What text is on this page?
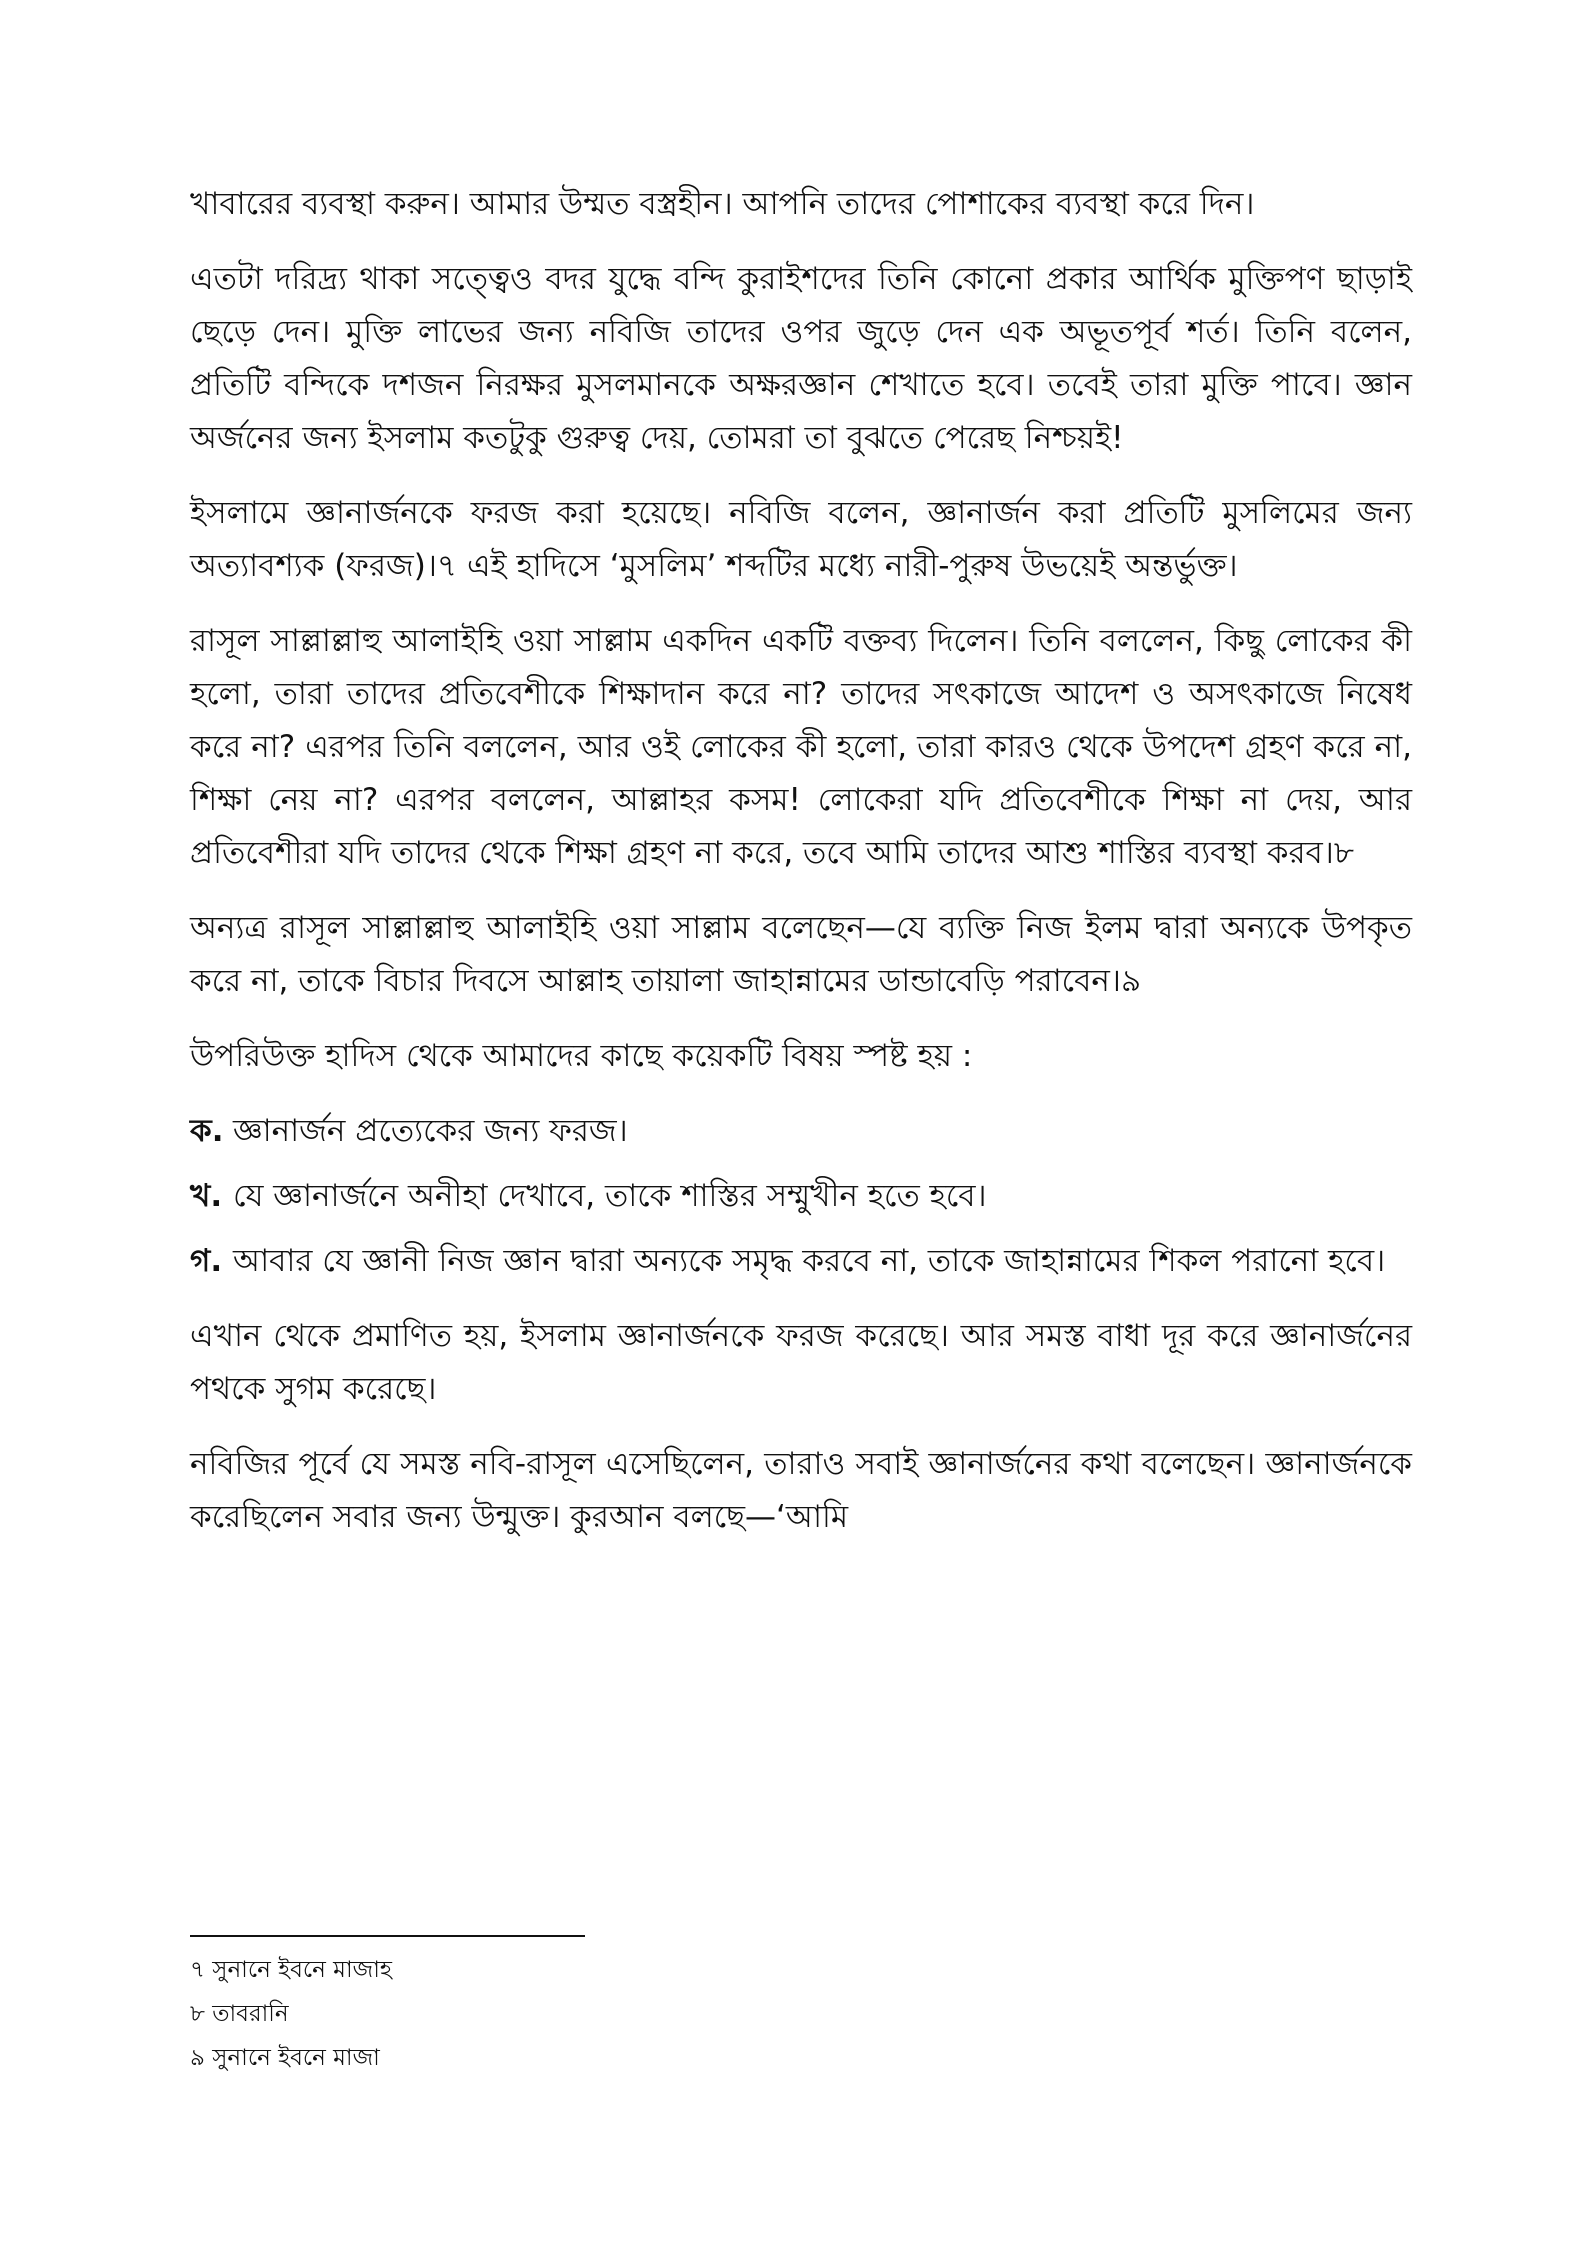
খাবারের ব্যবস্থা করুন। আমার উম্মত বস্ত্রহীন। আপনি তাদের পোশাকের ব্যবস্থা করে দিন।

এতটা দরিদ্র্য থাকা সত্ত্বেও বদর যুদ্ধে বন্দি কুরাইশদের তিনি কোনো প্রকার আর্থিক মুক্তিপণ ছাড়াই ছেড়ে দেন। মুক্তি লাভের জন্য নবিজি তাদের ওপর জুড়ে দেন এক অভূতপূর্ব শর্ত। তিনি বলেন, প্রতিটি বন্দিকে দশজন নিরক্ষর মুসলমানকে অক্ষরজ্ঞান শেখাতে হবে। তবেই তারা মুক্তি পাবে। জ্ঞান অর্জনের জন্য ইসলাম কতটুকু গুরুত্ব দেয়, তোমরা তা বুঝতে পেরেছ নিশ্চয়ই!

ইসলামে জ্ঞানার্জনকে ফরজ করা হয়েছে। নবিজি বলেন, জ্ঞানার্জন করা প্রতিটি মুসলিমের জন্য অত্যাবশ্যক (ফরজ)।৭ এই হাদিসে ‘মুসলিম’ শব্দটির মধ্যে নারী-পুরুষ উভয়েই অন্তর্ভুক্ত।

রাসূল সাল্লাল্লাহু আলাইহি ওয়া সাল্লাম একদিন একটি বক্তব্য দিলেন। তিনি বললেন, কিছু লোকের কী হলো, তারা তাদের প্রতিবেশীকে শিক্ষাদান করে না? তাদের সৎকাজে আদেশ ও অসৎকাজে নিষেধ করে না? এরপর তিনি বললেন, আর ওই লোকের কী হলো, তারা কারও থেকে উপদেশ গ্রহণ করে না, শিক্ষা নেয় না? এরপর বললেন, আল্লাহর কসম! লোকেরা যদি প্রতিবেশীকে শিক্ষা না দেয়, আর প্রতিবেশীরা যদি তাদের থেকে শিক্ষা গ্রহণ না করে, তবে আমি তাদের আশু শাস্তির ব্যবস্থা করব।৮

অন্যত্র রাসূল সাল্লাল্লাহু আলাইহি ওয়া সাল্লাম বলেছেন—যে ব্যক্তি নিজ ইলম দ্বারা অন্যকে উপকৃত করে না, তাকে বিচার দিবসে আল্লাহ তায়ালা জাহান্নামের ডান্ডাবেড়ি পরাবেন।৯

উপরিউক্ত হাদিস থেকে আমাদের কাছে কয়েকটি বিষয় স্পষ্ট হয় :

ক. জ্ঞানার্জন প্রত্যেকের জন্য ফরজ।
খ. যে জ্ঞানার্জনে অনীহা দেখাবে, তাকে শাস্তির সম্মুখীন হতে হবে।
গ. আবার যে জ্ঞানী নিজ জ্ঞান দ্বারা অন্যকে সমৃদ্ধ করবে না, তাকে জাহান্নামের শিকল পরানো হবে।

এখান থেকে প্রমাণিত হয়, ইসলাম জ্ঞানার্জনকে ফরজ করেছে। আর সমস্ত বাধা দূর করে জ্ঞানার্জনের পথকে সুগম করেছে।

নবিজির পূর্বে যে সমস্ত নবি-রাসূল এসেছিলেন, তারাও সবাই জ্ঞানার্জনের কথা বলেছেন। জ্ঞানার্জনকে করেছিলেন সবার জন্য উন্মুক্ত। কুরআন বলছে—‘আমি

৭ সুনানে ইবনে মাজাহ

৮ তাবরানি

৯ সুনানে ইবনে মাজা
